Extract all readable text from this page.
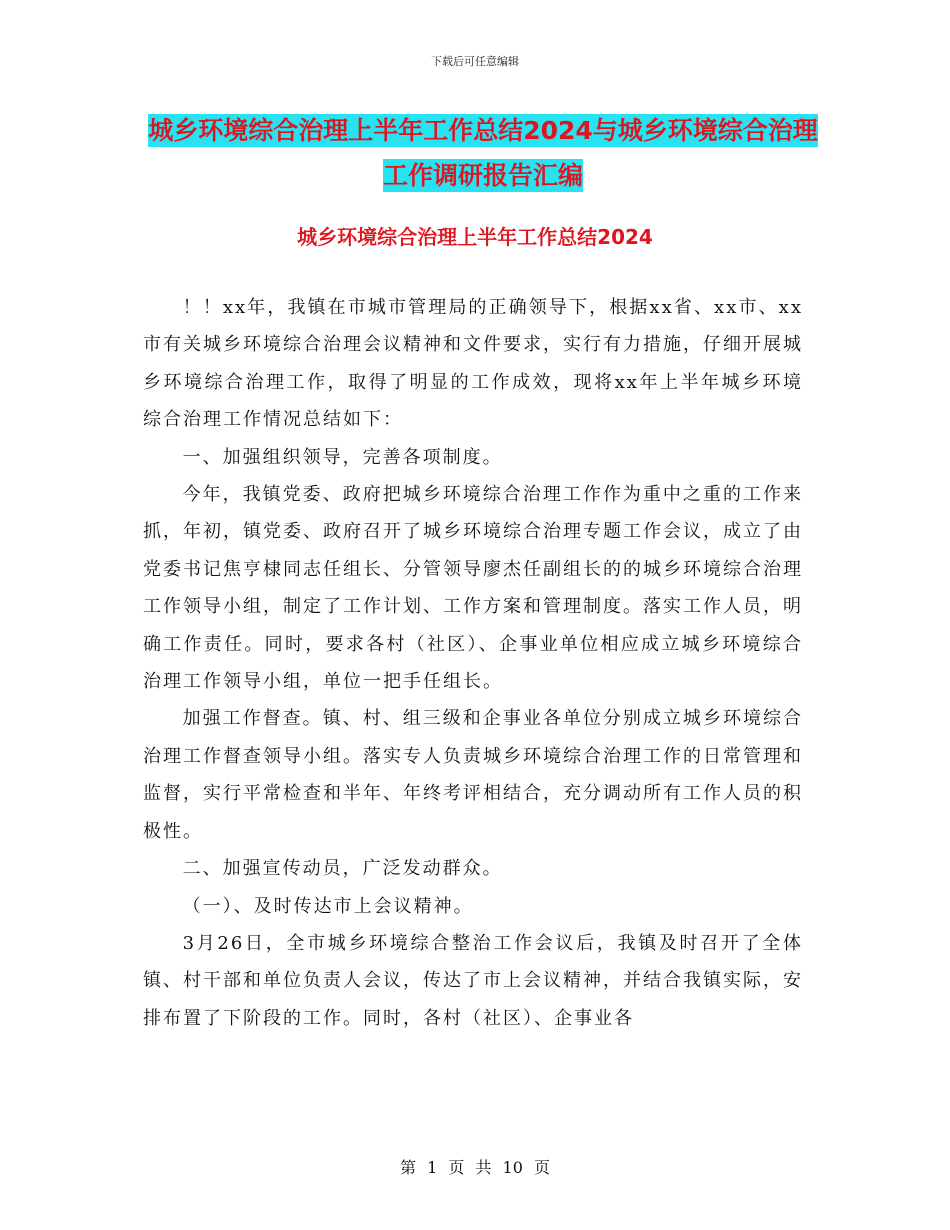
下载后可任意编辑
城乡环境综合治理上半年工作总结2024与城乡环境综合治理工作调研报告汇编
城乡环境综合治理上半年工作总结2024

！！xx年，我镇在市城市管理局的正确领导下，根据xx省、xx市、xx市有关城乡环境综合治理会议精神和文件要求，实行有力措施，仔细开展城乡环境综合治理工作，取得了明显的工作成效，现将xx年上半年城乡环境综合治理工作情况总结如下：

一、加强组织领导，完善各项制度。

今年，我镇党委、政府把城乡环境综合治理工作作为重中之重的工作来抓，年初，镇党委、政府召开了城乡环境综合治理专题工作会议，成立了由党委书记焦亨棣同志任组长、分管领导廖杰任副组长的的城乡环境综合治理工作领导小组，制定了工作计划、工作方案和管理制度。落实工作人员，明确工作责任。同时，要求各村（社区）、企事业单位相应成立城乡环境综合治理工作领导小组，单位一把手任组长。

加强工作督查。镇、村、组三级和企事业各单位分别成立城乡环境综合治理工作督查领导小组。落实专人负责城乡环境综合治理工作的日常管理和监督，实行平常检查和半年、年终考评相结合，充分调动所有工作人员的积极性。

二、加强宣传动员，广泛发动群众。

（一）、及时传达市上会议精神。

3月26日，全市城乡环境综合整治工作会议后，我镇及时召开了全体镇、村干部和单位负责人会议，传达了市上会议精神，并结合我镇实际，安排布置了下阶段的工作。同时，各村（社区）、企事业各

第 1 页 共 10 页
